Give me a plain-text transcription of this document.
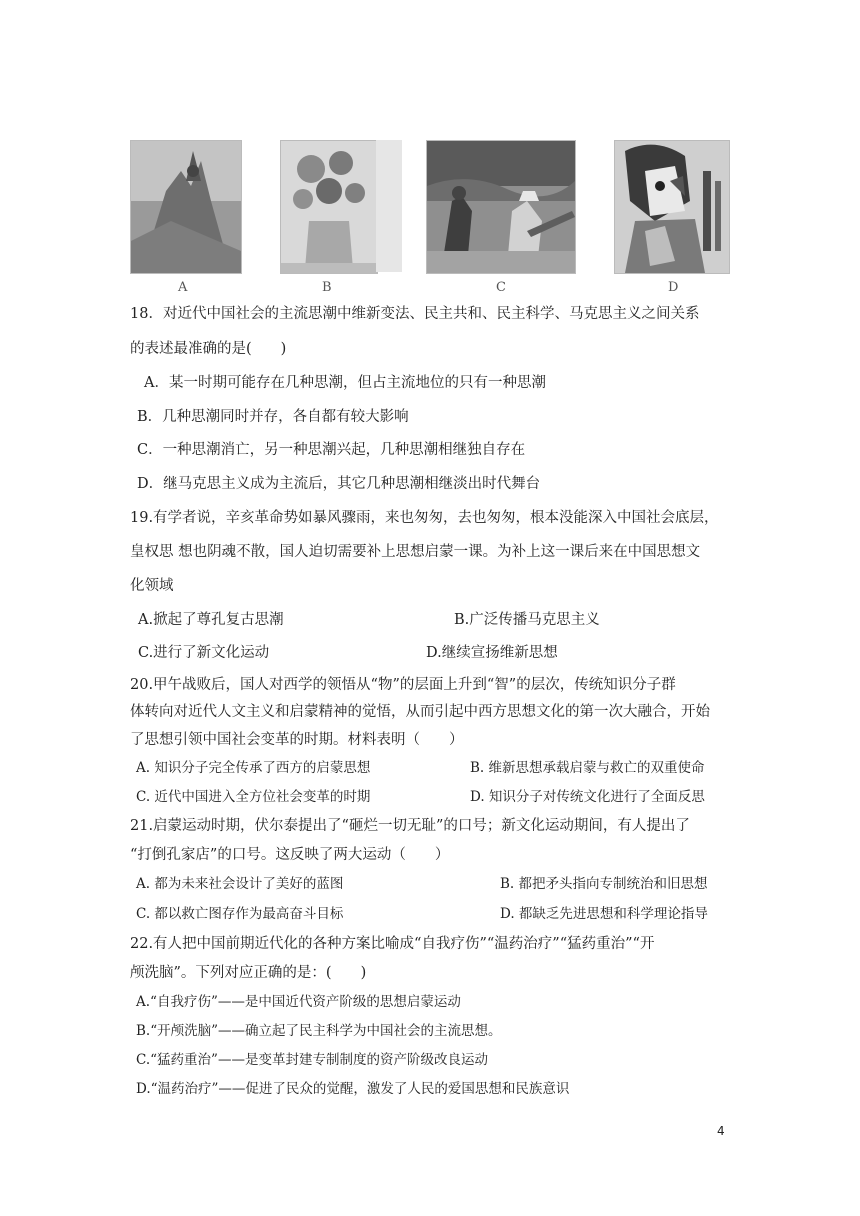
A	B	C	D
18．对近代中国社会的主流思潮中维新变法、民主共和、民主科学、马克思主义之间关系
的表述最准确的是(　　)
A．某一时期可能存在几种思潮，但占主流地位的只有一种思潮
B．几种思潮同时并存，各自都有较大影响
C．一种思潮消亡，另一种思潮兴起，几种思潮相继独自存在
D．继马克思主义成为主流后，其它几种思潮相继淡出时代舞台
19.有学者说，辛亥革命势如暴风骤雨，来也匆匆，去也匆匆，根本没能深入中国社会底层，
皇权思 想也阴魂不散，国人迫切需要补上思想启蒙一课。为补上这一课后来在中国思想文
化领域
A.掀起了尊孔复古思潮	B.广泛传播马克思主义
C.进行了新文化运动	D.继续宣扬维新思想
20.甲午战败后，国人对西学的领悟从“物”的层面上升到“智”的层次，传统知识分子群
体转向对近代人文主义和启蒙精神的觉悟，从而引起中西方思想文化的第一次大融合，开始
了思想引领中国社会变革的时期。材料表明（　　）
A. 知识分子完全传承了西方的启蒙思想	B. 维新思想承载启蒙与救亡的双重使命
C. 近代中国进入全方位社会变革的时期	D. 知识分子对传统文化进行了全面反思
21.启蒙运动时期，伏尔泰提出了“砸烂一切无耻”的口号；新文化运动期间，有人提出了
“打倒孔家店”的口号。这反映了两大运动（　　）
A. 都为未来社会设计了美好的蓝图	B. 都把矛头指向专制统治和旧思想
C. 都以救亡图存作为最高奋斗目标	D. 都缺乏先进思想和科学理论指导
22.有人把中国前期近代化的各种方案比喻成“自我疗伤”“温药治疗”“猛药重治”“开
颅洗脑”。下列对应正确的是：(　　)
A.“自我疗伤”——是中国近代资产阶级的思想启蒙运动
B.“开颅洗脑”——确立起了民主科学为中国社会的主流思想。
C.“猛药重治”——是变革封建专制制度的资产阶级改良运动
D.“温药治疗”——促进了民众的觉醒，激发了人民的爱国思想和民族意识
4
